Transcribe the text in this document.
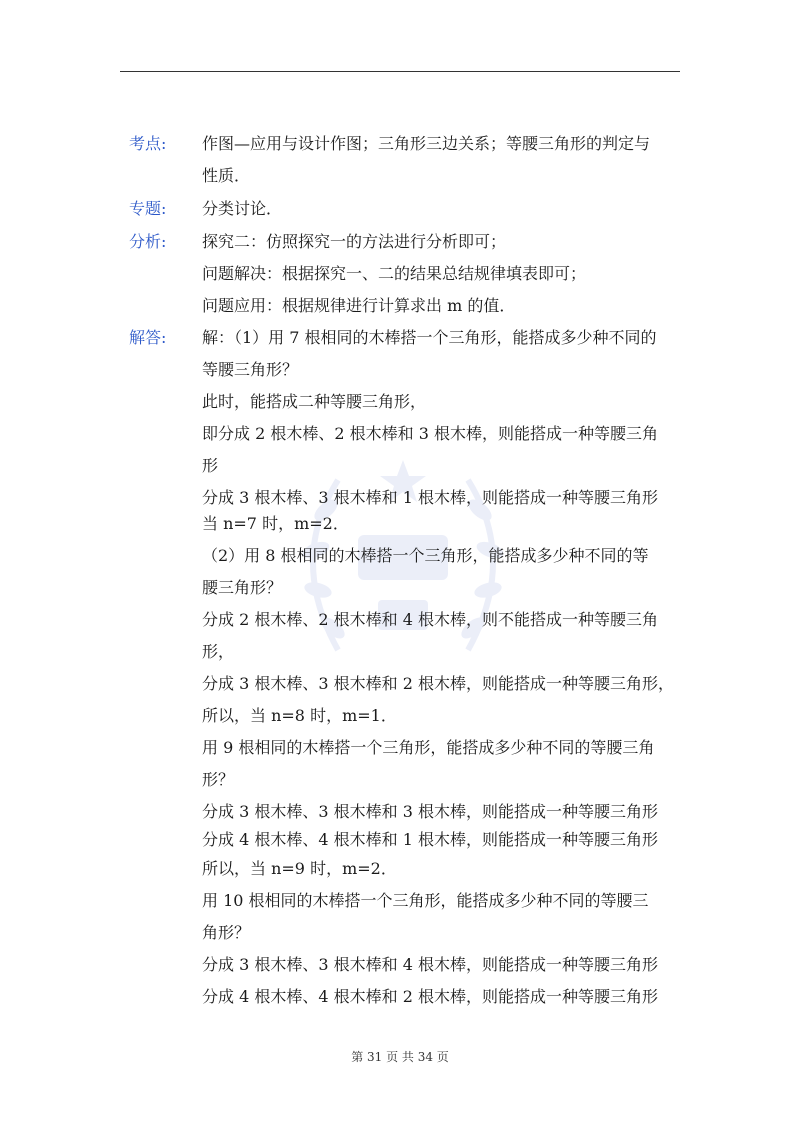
考点:	作图—应用与设计作图；三角形三边关系；等腰三角形的判定与
性质．
专题:	分类讨论．
分析:	探究二：仿照探究一的方法进行分析即可；
问题解决：根据探究一、二的结果总结规律填表即可；
问题应用：根据规律进行计算求出 m 的值．
解答:	解：（1）用 7 根相同的木棒搭一个三角形，能搭成多少种不同的
等腰三角形？
此时，能搭成二种等腰三角形，
即分成 2 根木棒、2 根木棒和 3 根木棒，则能搭成一种等腰三角
形
分成 3 根木棒、3 根木棒和 1 根木棒，则能搭成一种等腰三角形
当 n=7 时，m=2．
（2）用 8 根相同的木棒搭一个三角形，能搭成多少种不同的等
腰三角形？
分成 2 根木棒、2 根木棒和 4 根木棒，则不能搭成一种等腰三角
形，
分成 3 根木棒、3 根木棒和 2 根木棒，则能搭成一种等腰三角形，
所以，当 n=8 时，m=1．
用 9 根相同的木棒搭一个三角形，能搭成多少种不同的等腰三角
形？
分成 3 根木棒、3 根木棒和 3 根木棒，则能搭成一种等腰三角形
分成 4 根木棒、4 根木棒和 1 根木棒，则能搭成一种等腰三角形
所以，当 n=9 时，m=2．
用 10 根相同的木棒搭一个三角形，能搭成多少种不同的等腰三
角形？
分成 3 根木棒、3 根木棒和 4 根木棒，则能搭成一种等腰三角形
分成 4 根木棒、4 根木棒和 2 根木棒，则能搭成一种等腰三角形
第 31 页 共 34 页
